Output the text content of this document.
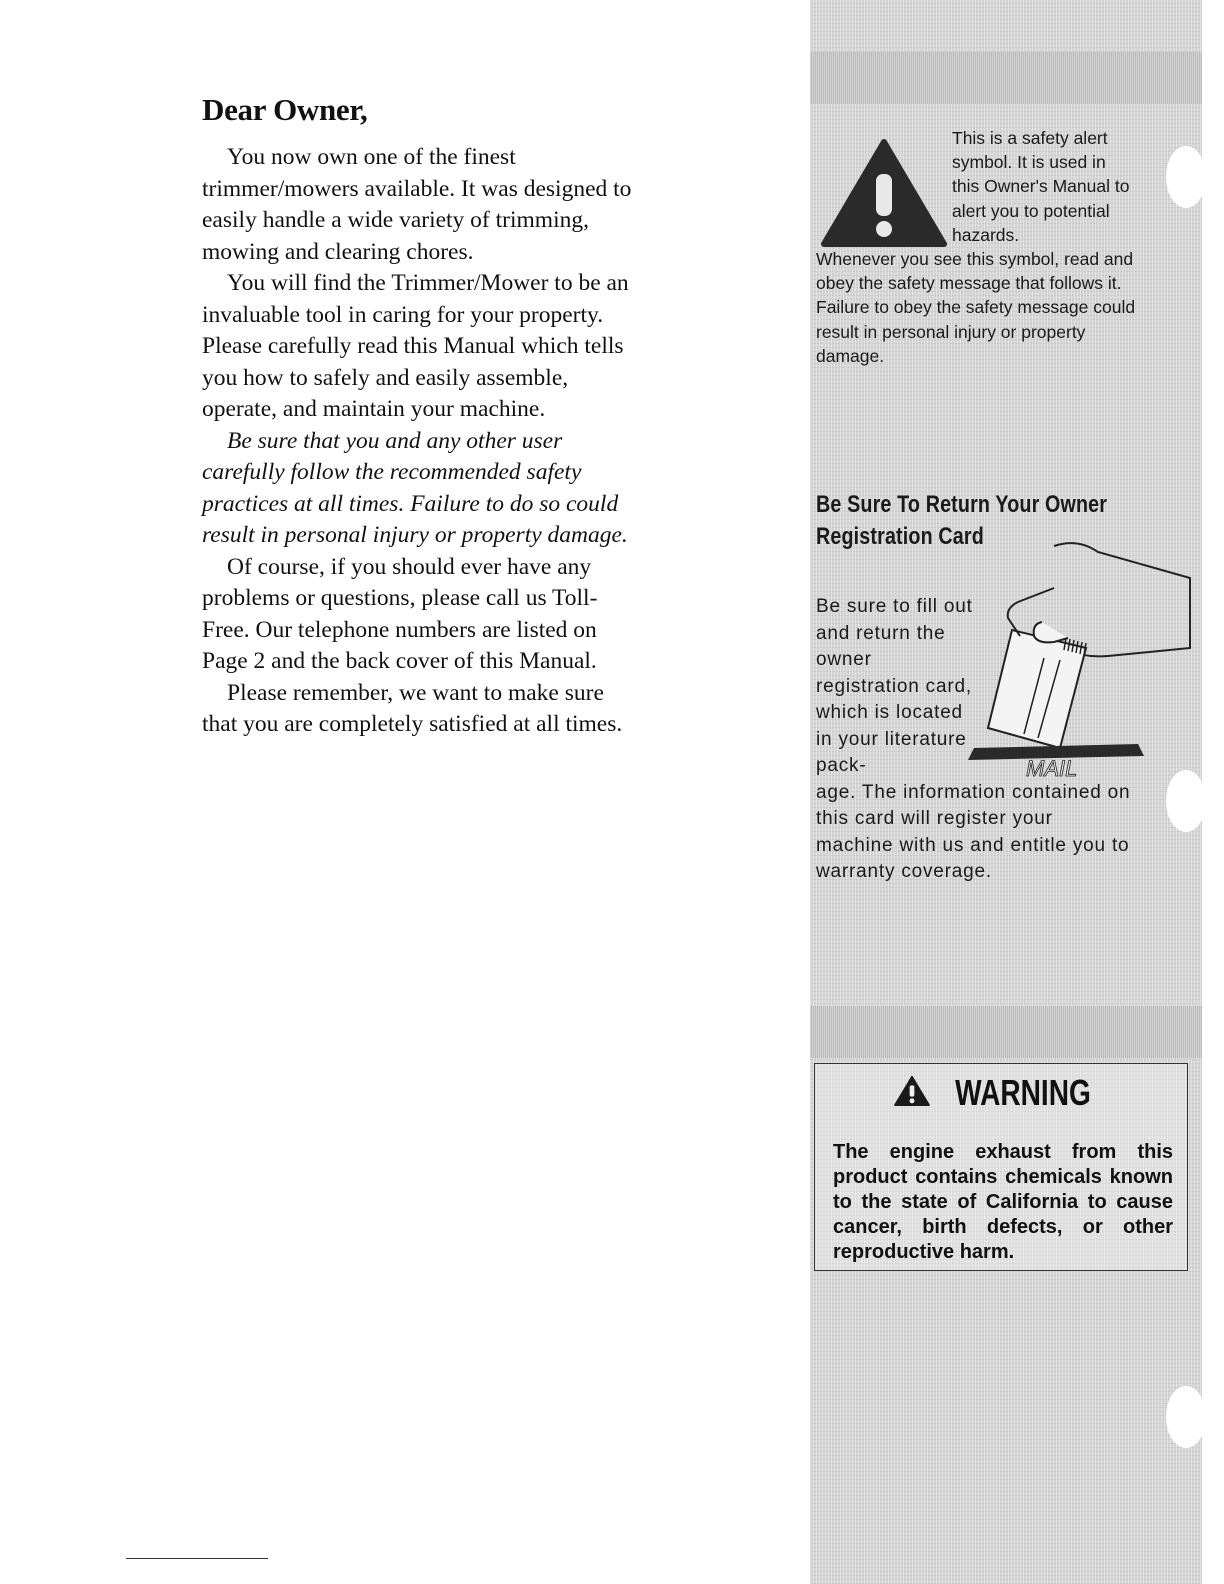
Dear Owner,

You now own one of the finest trimmer/mowers available. It was designed to easily handle a wide variety of trimming, mowing and clearing chores.

You will find the Trimmer/Mower to be an invaluable tool in caring for your property. Please carefully read this Manual which tells you how to safely and easily assemble, operate, and maintain your machine.

Be sure that you and any other user carefully follow the recommended safety practices at all times. Failure to do so could result in personal injury or property damage.

Of course, if you should ever have any problems or questions, please call us Toll-Free. Our telephone numbers are listed on Page 2 and the back cover of this Manual.

Please remember, we want to make sure that you are completely satisfied at all times.

This is a safety alert symbol. It is used in this Owner's Manual to alert you to potential hazards.
Whenever you see this symbol, read and obey the safety message that follows it. Failure to obey the safety message could result in personal injury or property damage.

Be Sure To Return Your Owner Registration Card
MAIL

Be sure to fill out and return the owner registration card, which is located in your literature pack-
age. The information contained on this card will register your machine with us and entitle you to warranty coverage.

WARNING

The engine exhaust from this product contains chemicals known to the state of California to cause cancer, birth defects, or other reproductive harm.
